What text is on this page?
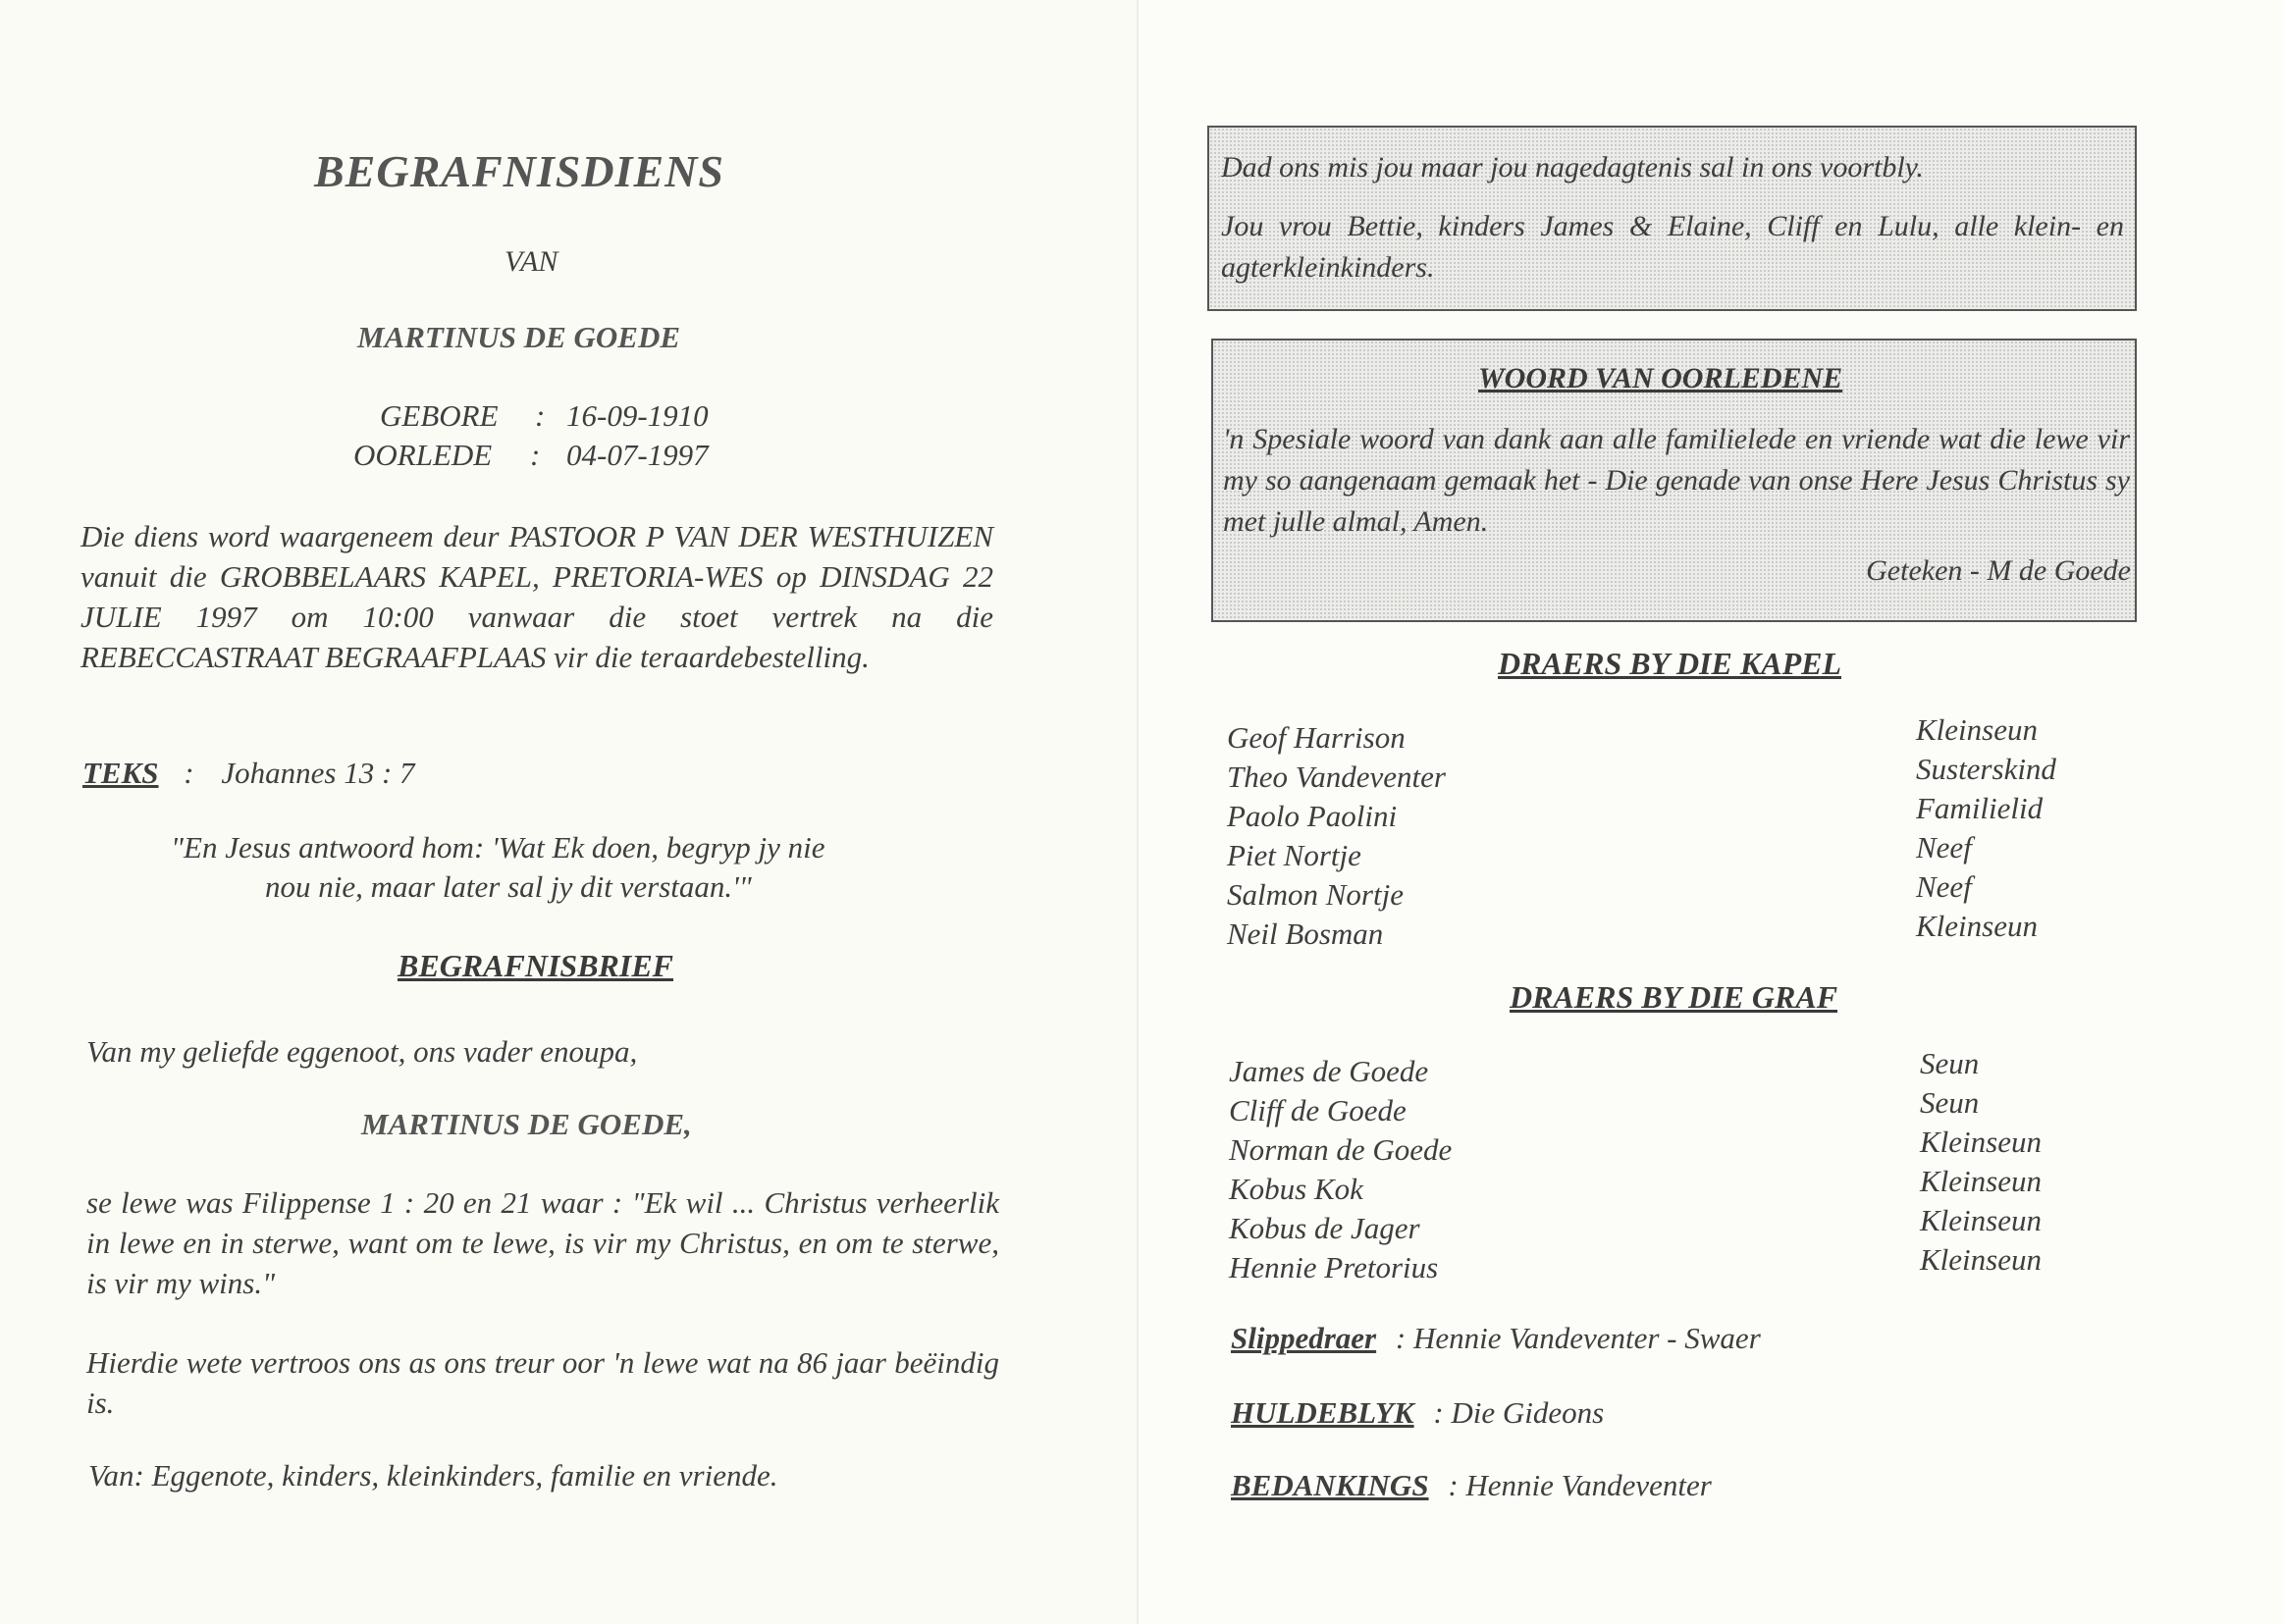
BEGRAFNISDIENS
VAN
MARTINUS DE GOEDE
GEBORE : 16-09-1910
OORLEDE : 04-07-1997
Die diens word waargeneem deur PASTOOR P VAN DER WESTHUIZEN vanuit die GROBBELAARS KAPEL, PRETORIA-WES op DINSDAG 22 JULIE 1997 om 10:00 vanwaar die stoet vertrek na die REBECCASTRAAT BEGRAAFPLAAS vir die teraardebestelling.
TEKS : Johannes 13 : 7
"En Jesus antwoord hom: 'Wat Ek doen, begryp jy nie
nou nie, maar later sal jy dit verstaan.'"
BEGRAFNISBRIEF
Van my geliefde eggenoot, ons vader enoupa,
MARTINUS DE GOEDE,
se lewe was Filippense 1 : 20 en 21 waar : "Ek wil ... Christus verheerlik in lewe en in sterwe, want om te lewe, is vir my Christus, en om te sterwe, is vir my wins."
Hierdie wete vertroos ons as ons treur oor 'n lewe wat na 86 jaar beëindig is.
Van: Eggenote, kinders, kleinkinders, familie en vriende.

Dad ons mis jou maar jou nagedagtenis sal in ons voortbly.

Jou vrou Bettie, kinders James & Elaine, Cliff en Lulu, alle klein- en agterkleinkinders.

WOORD VAN OORLEDENE

'n Spesiale woord van dank aan alle familielede en vriende wat die lewe vir my so aangenaam gemaak het - Die genade van onse Here Jesus Christus sy met julle almal, Amen.

Geteken - M de Goede

DRAERS BY DIE KAPEL
Geof Harrison
Theo Vandeventer
Paolo Paolini
Piet Nortje
Salmon Nortje
Neil Bosman
Kleinseun
Susterskind
Familielid
Neef
Neef
Kleinseun
DRAERS BY DIE GRAF
James de Goede
Cliff de Goede
Norman de Goede
Kobus Kok
Kobus de Jager
Hennie Pretorius
Seun
Seun
Kleinseun
Kleinseun
Kleinseun
Kleinseun
Slippedraer : Hennie Vandeventer - Swaer
HULDEBLYK : Die Gideons
BEDANKINGS : Hennie Vandeventer
